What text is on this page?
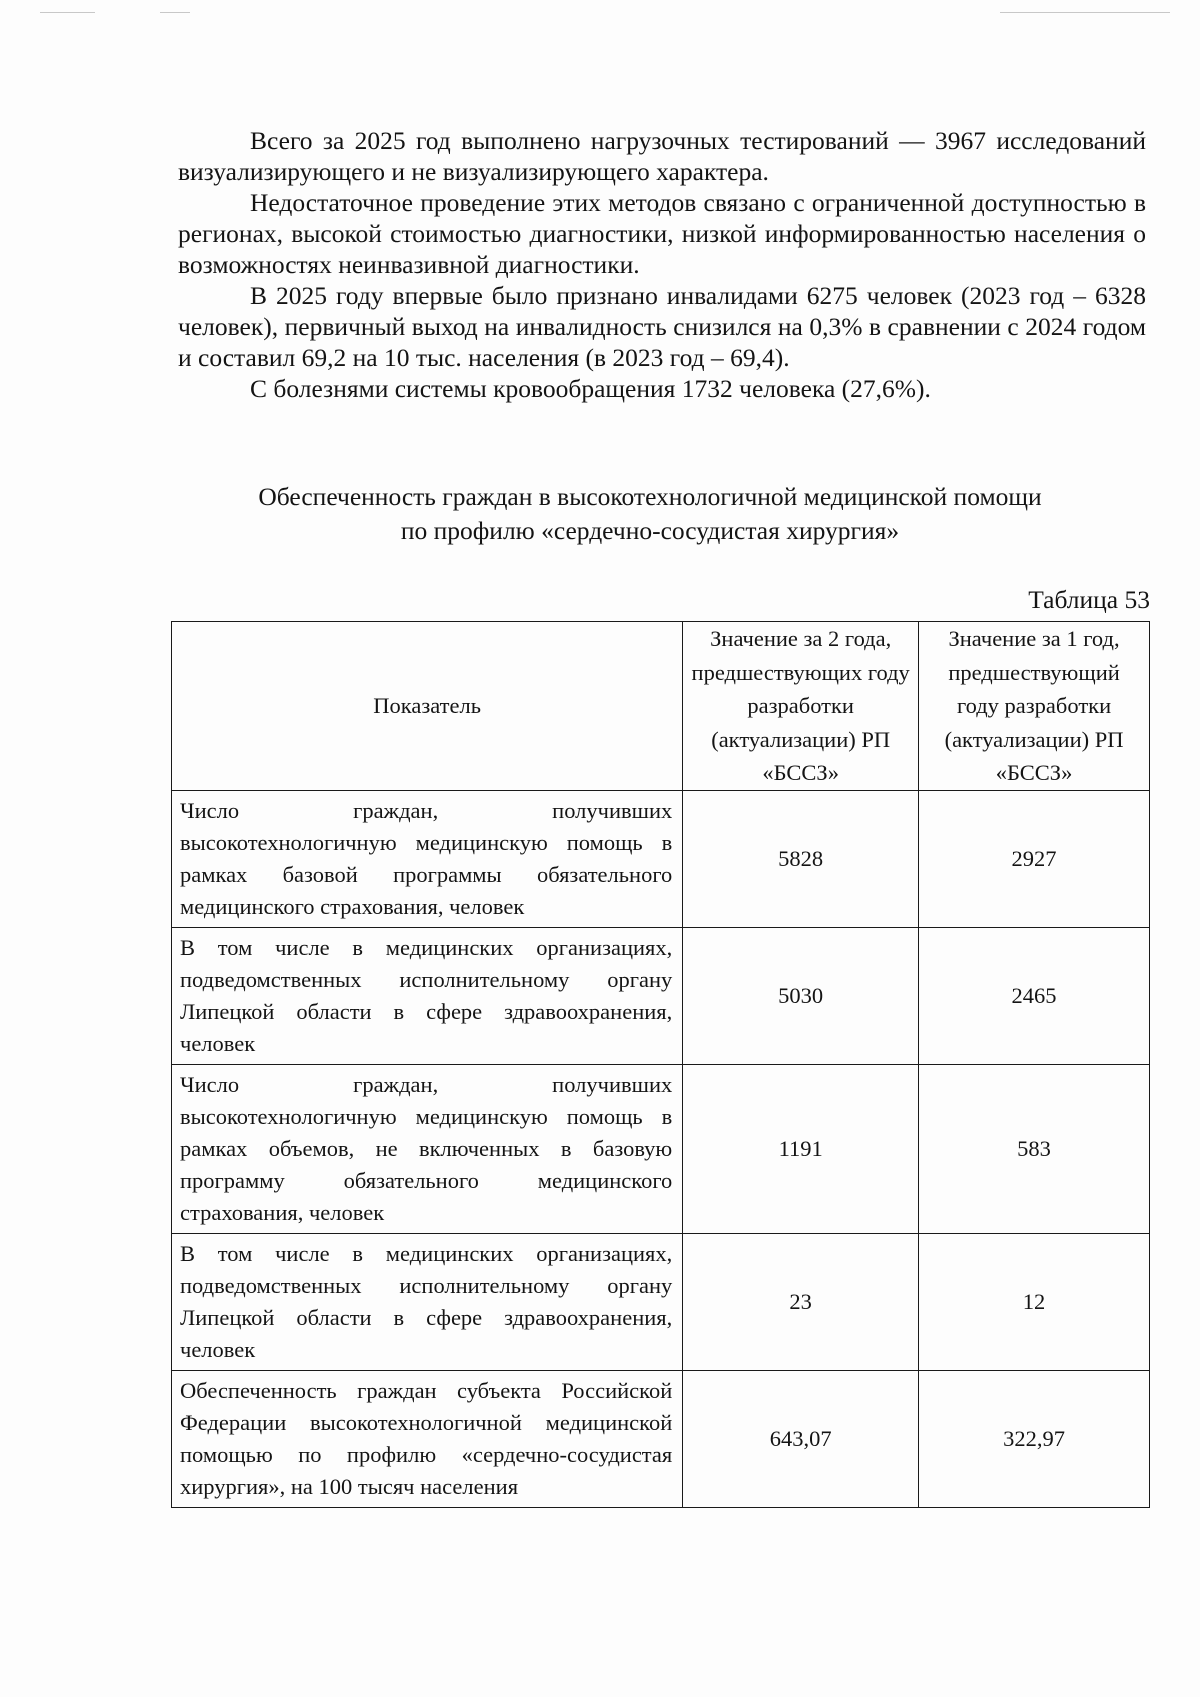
Всего за 2025 год выполнено нагрузочных тестирований — 3967 исследований визуализирующего и не визуализирующего характера.

Недостаточное проведение этих методов связано с ограниченной доступностью в регионах, высокой стоимостью диагностики, низкой информированностью населения о возможностях неинвазивной диагностики.

В 2025 году впервые было признано инвалидами 6275 человек (2023 год – 6328 человек), первичный выход на инвалидность снизился на 0,3% в сравнении с 2024 годом и составил 69,2 на 10 тыс. населения (в 2023 год – 69,4).

С болезнями системы кровообращения 1732 человека (27,6%).

Обеспеченность граждан в высокотехнологичной медицинской помощи
по профилю «сердечно-сосудистая хирургия»
Таблица 53
Показатель	Значение за 2 года, предшествующих году разработки (актуализации) РП «БССЗ»	Значение за 1 год, предшествующий году разработки (актуализации) РП «БССЗ»
Число граждан, получивших высокотехнологичную медицинскую помощь в рамках базовой программы обязательного медицинского страхования, человек	5828	2927
В том числе в медицинских организациях, подведомственных исполнительному органу Липецкой области в сфере здравоохранения, человек	5030	2465
Число граждан, получивших высокотехнологичную медицинскую помощь в рамках объемов, не включенных в базовую программу обязательного медицинского страхования, человек	1191	583
В том числе в медицинских организациях, подведомственных исполнительному органу Липецкой области в сфере здравоохранения, человек	23	12
Обеспеченность граждан субъекта Российской Федерации высокотехнологичной медицинской помощью по профилю «сердечно-сосудистая хирургия», на 100 тысяч населения	643,07	322,97
